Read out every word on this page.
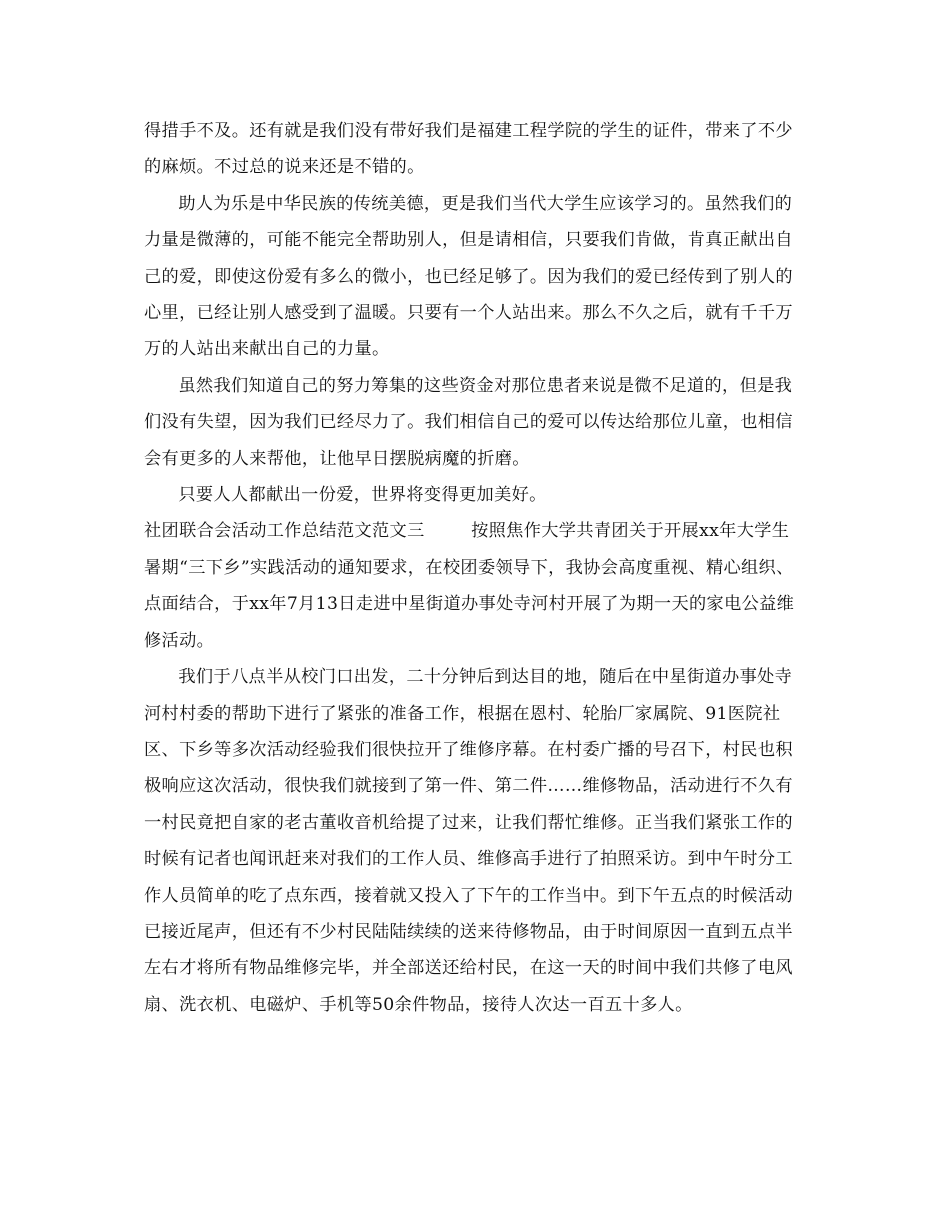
得措手不及。还有就是我们没有带好我们是福建工程学院的学生的证件，带来了不少的麻烦。不过总的说来还是不错的。

助人为乐是中华民族的传统美德，更是我们当代大学生应该学习的。虽然我们的力量是微薄的，可能不能完全帮助别人，但是请相信，只要我们肯做，肯真正献出自己的爱，即使这份爱有多么的微小，也已经足够了。因为我们的爱已经传到了别人的心里，已经让别人感受到了温暖。只要有一个人站出来。那么不久之后，就有千千万万的人站出来献出自己的力量。

虽然我们知道自己的努力筹集的这些资金对那位患者来说是微不足道的，但是我们没有失望，因为我们已经尽力了。我们相信自己的爱可以传达给那位儿童，也相信会有更多的人来帮他，让他早日摆脱病魔的折磨。

只要人人都献出一份爱，世界将变得更加美好。

社团联合会活动工作总结范文范文三        按照焦作大学共青团关于开展xx年大学生暑期“三下乡”实践活动的通知要求，在校团委领导下，我协会高度重视、精心组织、点面结合，于xx年7月13日走进中星街道办事处寺河村开展了为期一天的家电公益维修活动。

我们于八点半从校门口出发，二十分钟后到达目的地，随后在中星街道办事处寺河村村委的帮助下进行了紧张的准备工作，根据在恩村、轮胎厂家属院、91医院社区、下乡等多次活动经验我们很快拉开了维修序幕。在村委广播的号召下，村民也积极响应这次活动，很快我们就接到了第一件、第二件……维修物品，活动进行不久有一村民竟把自家的老古董收音机给提了过来，让我们帮忙维修。正当我们紧张工作的时候有记者也闻讯赶来对我们的工作人员、维修高手进行了拍照采访。到中午时分工作人员简单的吃了点东西，接着就又投入了下午的工作当中。到下午五点的时候活动已接近尾声，但还有不少村民陆陆续续的送来待修物品，由于时间原因一直到五点半左右才将所有物品维修完毕，并全部送还给村民，在这一天的时间中我们共修了电风扇、洗衣机、电磁炉、手机等50余件物品，接待人次达一百五十多人。
